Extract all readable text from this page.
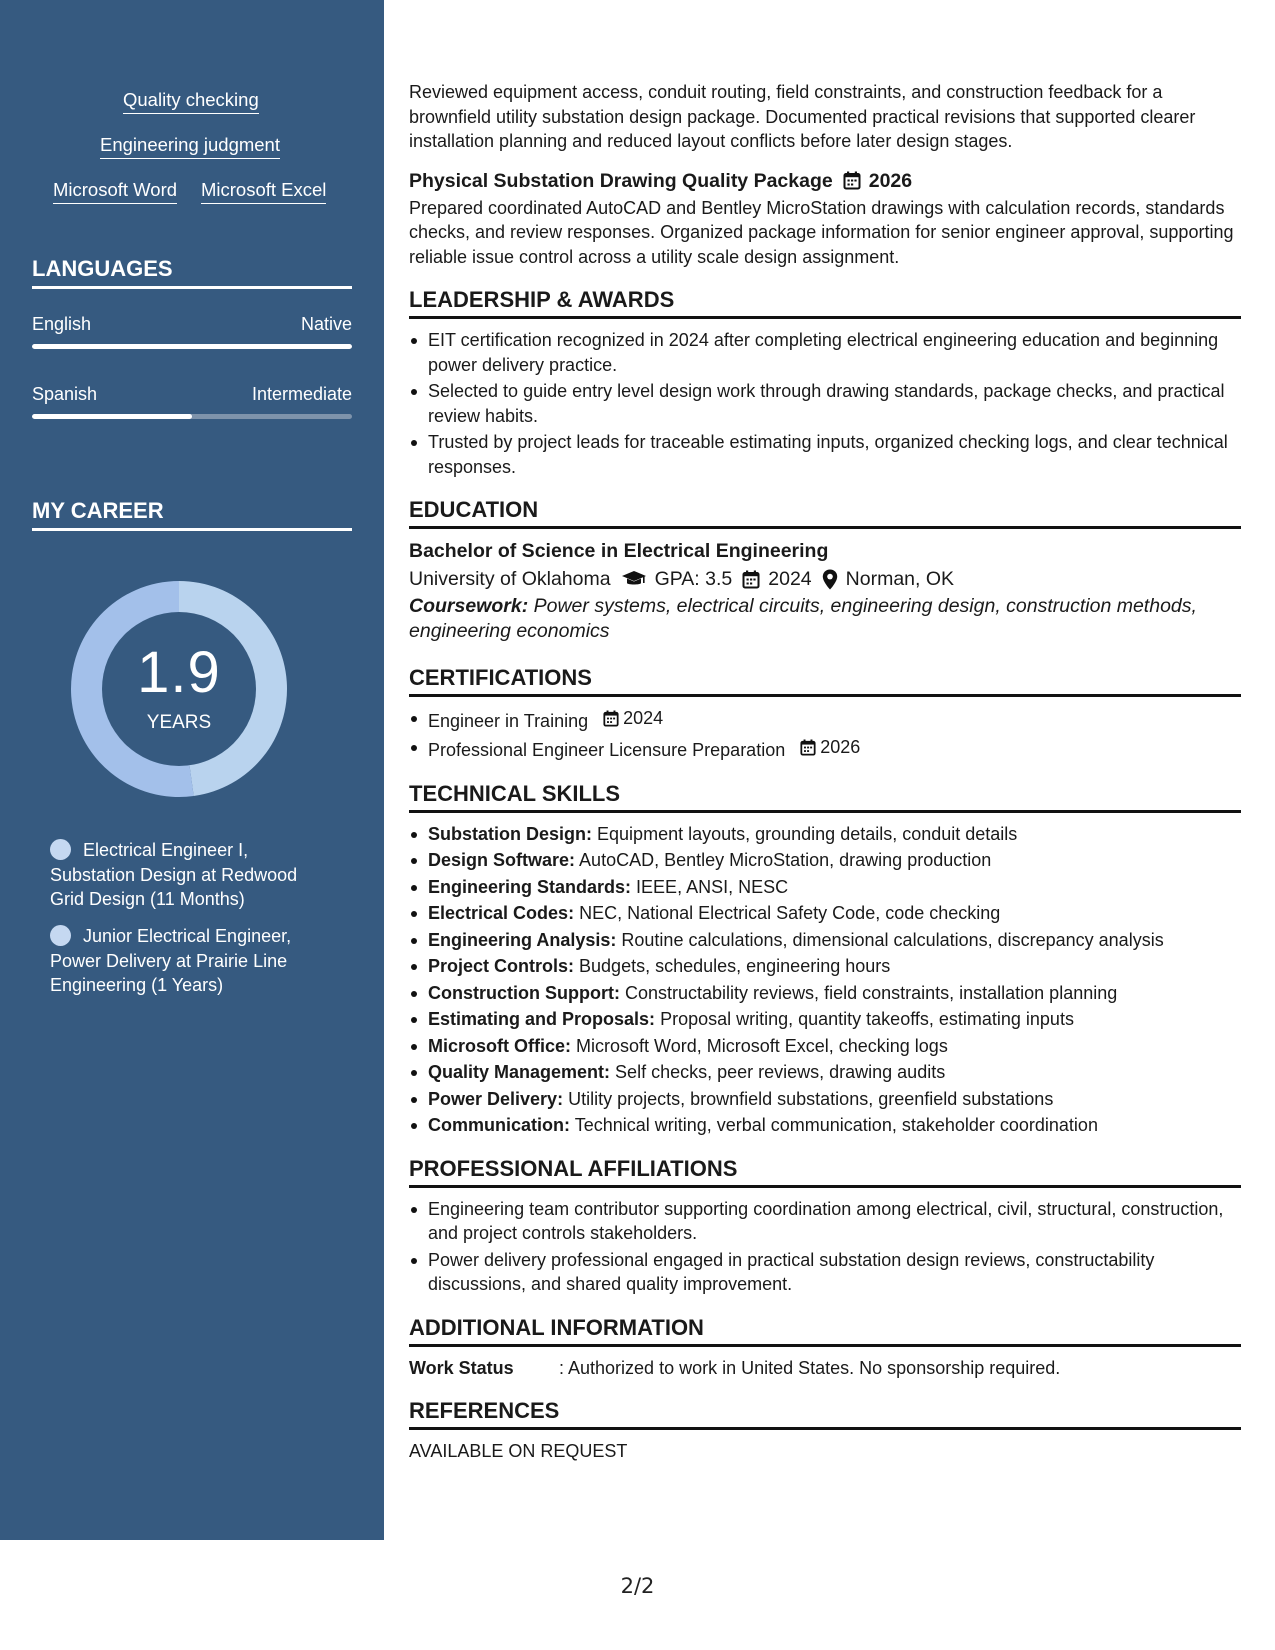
Quality checking
Engineering judgment
Microsoft Word Microsoft Excel
LANGUAGES
English	Native
Spanish	Intermediate
MY CAREER
1.9
YEARS
Electrical Engineer I, Substation Design at Redwood Grid Design (11 Months)
Junior Electrical Engineer, Power Delivery at Prairie Line Engineering (1 Years)

Reviewed equipment access, conduit routing, field constraints, and construction feedback for a brownfield utility substation design package. Documented practical revisions that supported clearer installation planning and reduced layout conflicts before later design stages.

Physical Substation Drawing Quality Package 2026

Prepared coordinated AutoCAD and Bentley MicroStation drawings with calculation records, standards checks, and review responses. Organized package information for senior engineer approval, supporting reliable issue control across a utility scale design assignment.

LEADERSHIP & AWARDS
EIT certification recognized in 2024 after completing electrical engineering education and beginning power delivery practice.
Selected to guide entry level design work through drawing standards, package checks, and practical review habits.
Trusted by project leads for traceable estimating inputs, organized checking logs, and clear technical responses.
EDUCATION
Bachelor of Science in Electrical Engineering
University of Oklahoma GPA: 3.5 2024 Norman, OK

Coursework: Power systems, electrical circuits, engineering design, construction methods, engineering economics

CERTIFICATIONS
Engineer in Training 2024
Professional Engineer Licensure Preparation 2026
TECHNICAL SKILLS
Substation Design: Equipment layouts, grounding details, conduit details
Design Software: AutoCAD, Bentley MicroStation, drawing production
Engineering Standards: IEEE, ANSI, NESC
Electrical Codes: NEC, National Electrical Safety Code, code checking
Engineering Analysis: Routine calculations, dimensional calculations, discrepancy analysis
Project Controls: Budgets, schedules, engineering hours
Construction Support: Constructability reviews, field constraints, installation planning
Estimating and Proposals: Proposal writing, quantity takeoffs, estimating inputs
Microsoft Office: Microsoft Word, Microsoft Excel, checking logs
Quality Management: Self checks, peer reviews, drawing audits
Power Delivery: Utility projects, brownfield substations, greenfield substations
Communication: Technical writing, verbal communication, stakeholder coordination
PROFESSIONAL AFFILIATIONS
Engineering team contributor supporting coordination among electrical, civil, structural, construction, and project controls stakeholders.
Power delivery professional engaged in practical substation design reviews, constructability discussions, and shared quality improvement.
ADDITIONAL INFORMATION
Work Status	: Authorized to work in United States. No sponsorship required.
REFERENCES

AVAILABLE ON REQUEST

2/2
